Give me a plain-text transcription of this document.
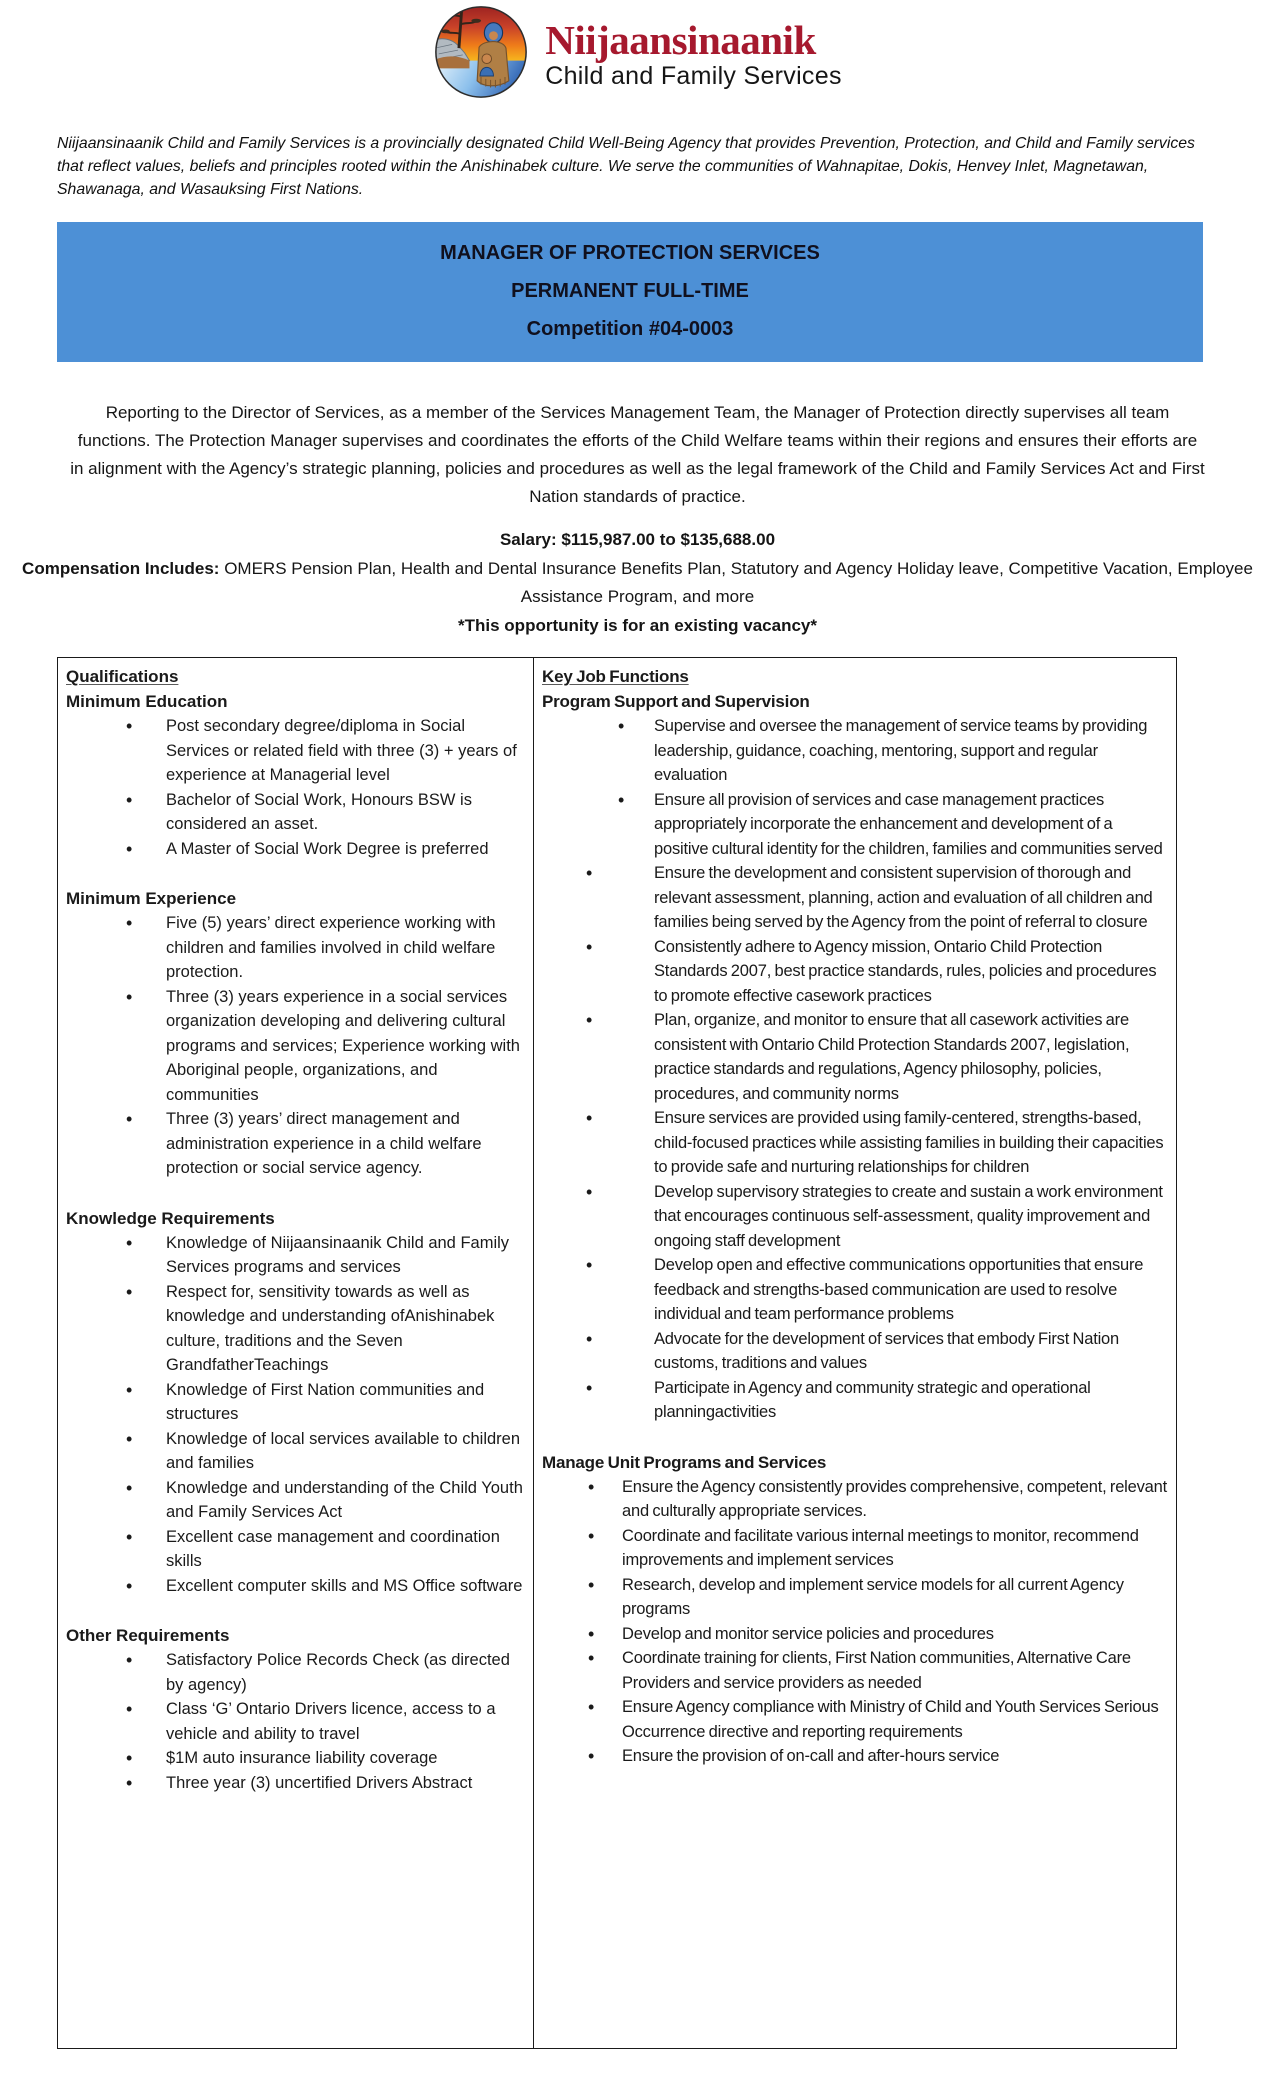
Niijaansinaanik
Child and Family Services

Niijaansinaanik Child and Family Services is a provincially designated Child Well-Being Agency that provides Prevention, Protection, and Child and Family services that reflect values, beliefs and principles rooted within the Anishinabek culture. We serve the communities of Wahnapitae, Dokis, Henvey Inlet, Magnetawan, Shawanaga, and Wasauksing First Nations.

MANAGER OF PROTECTION SERVICES
PERMANENT FULL-TIME
Competition #04-0003

Reporting to the Director of Services, as a member of the Services Management Team, the Manager of Protection directly supervises all team functions. The Protection Manager supervises and coordinates the efforts of the Child Welfare teams within their regions and ensures their efforts are in alignment with the Agency’s strategic planning, policies and procedures as well as the legal framework of the Child and Family Services Act and First Nation standards of practice.

Salary: $115,987.00 to $135,688.00
Compensation Includes: OMERS Pension Plan, Health and Dental Insurance Benefits Plan, Statutory and Agency Holiday leave, Competitive Vacation, Employee Assistance Program, and more
*This opportunity is for an existing vacancy*
Qualifications
Minimum Education
• Post secondary degree/diploma in Social Services or related field with three (3) + years of experience at Managerial level
• Bachelor of Social Work, Honours BSW is considered an asset.
• A Master of Social Work Degree is preferred
Minimum Experience
• Five (5) years’ direct experience working with children and families involved in child welfare protection.
• Three (3) years experience in a social services organization developing and delivering cultural programs and services; Experience working with Aboriginal people, organizations, and communities
• Three (3) years’ direct management and administration experience in a child welfare protection or social service agency.
Knowledge Requirements
• Knowledge of Niijaansinaanik Child and Family Services programs and services
• Respect for, sensitivity towards as well as knowledge and understanding ofAnishinabek culture, traditions and the Seven GrandfatherTeachings
• Knowledge of First Nation communities and structures
• Knowledge of local services available to children and families
• Knowledge and understanding of the Child Youth and Family Services Act
• Excellent case management and coordination skills
• Excellent computer skills and MS Office software
Other Requirements
• Satisfactory Police Records Check (as directed by agency)
• Class ‘G’ Ontario Drivers licence, access to a vehicle and ability to travel
• $1M auto insurance liability coverage
• Three year (3) uncertified Drivers Abstract
Key Job Functions
Program Support and Supervision
• Supervise and oversee the management of service teams by providing leadership, guidance, coaching, mentoring, support and regular evaluation
• Ensure all provision of services and case management practices appropriately incorporate the enhancement and development of a positive cultural identity for the children, families and communities served
• Ensure the development and consistent supervision of thorough and relevant assessment, planning, action and evaluation of all children and families being served by the Agency from the point of referral to closure
• Consistently adhere to Agency mission, Ontario Child Protection Standards 2007, best practice standards, rules, policies and procedures to promote effective casework practices
• Plan, organize, and monitor to ensure that all casework activities are consistent with Ontario Child Protection Standards 2007, legislation, practice standards and regulations, Agency philosophy, policies, procedures, and community norms
• Ensure services are provided using family-centered, strengths-based, child-focused practices while assisting families in building their capacities to provide safe and nurturing relationships for children
• Develop supervisory strategies to create and sustain a work environment that encourages continuous self-assessment, quality improvement and ongoing staff development
• Develop open and effective communications opportunities that ensure feedback and strengths-based communication are used to resolve individual and team performance problems
• Advocate for the development of services that embody First Nation customs, traditions and values
• Participate in Agency and community strategic and operational planningactivities
Manage Unit Programs and Services
• Ensure the Agency consistently provides comprehensive, competent, relevant and culturally appropriate services.
• Coordinate and facilitate various internal meetings to monitor, recommend improvements and implement services
• Research, develop and implement service models for all current Agency programs
• Develop and monitor service policies and procedures
• Coordinate training for clients, First Nation communities, Alternative Care Providers and service providers as needed
• Ensure Agency compliance with Ministry of Child and Youth Services Serious Occurrence directive and reporting requirements
• Ensure the provision of on-call and after-hours service
